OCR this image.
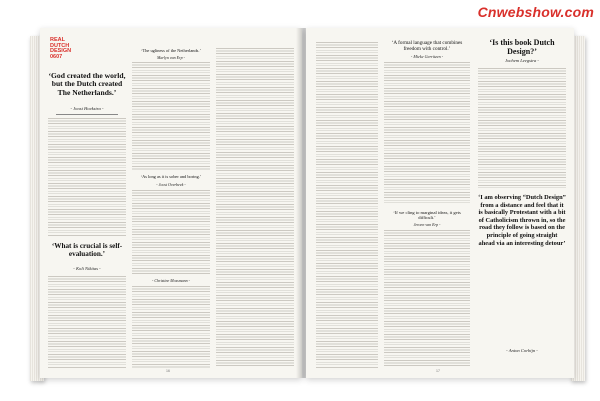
Cnwebshow.com
REAL DUTCH DESIGN 0607
‘God created the world, but the Dutch created The Netherlands.’
- Joost Hoekstra -
‘What is crucial is self-evaluation.’
- Koli Nikitas -
‘The ugliness of the Netherlands.’
Marlyn van Erp -
‘As long as it is sober and boring.’
- Joost Overbeek -
- Christine Mossmann -
16
‘A formal language that combines freedom with control.’
- Mieke Gerritzen -
‘If we cling to marginal ideas, it gets difficult.’
Jeroen van Erp -
‘Is this book Dutch Design?’
Jochem Leegstra -
‘I am observing “Dutch Design” from a distance and feel that it is basically Protestant with a bit of Catholicism thrown in, so the road they follow is based on the principle of going straight ahead via an interesting detour’
- Anton Corbijn -
17
